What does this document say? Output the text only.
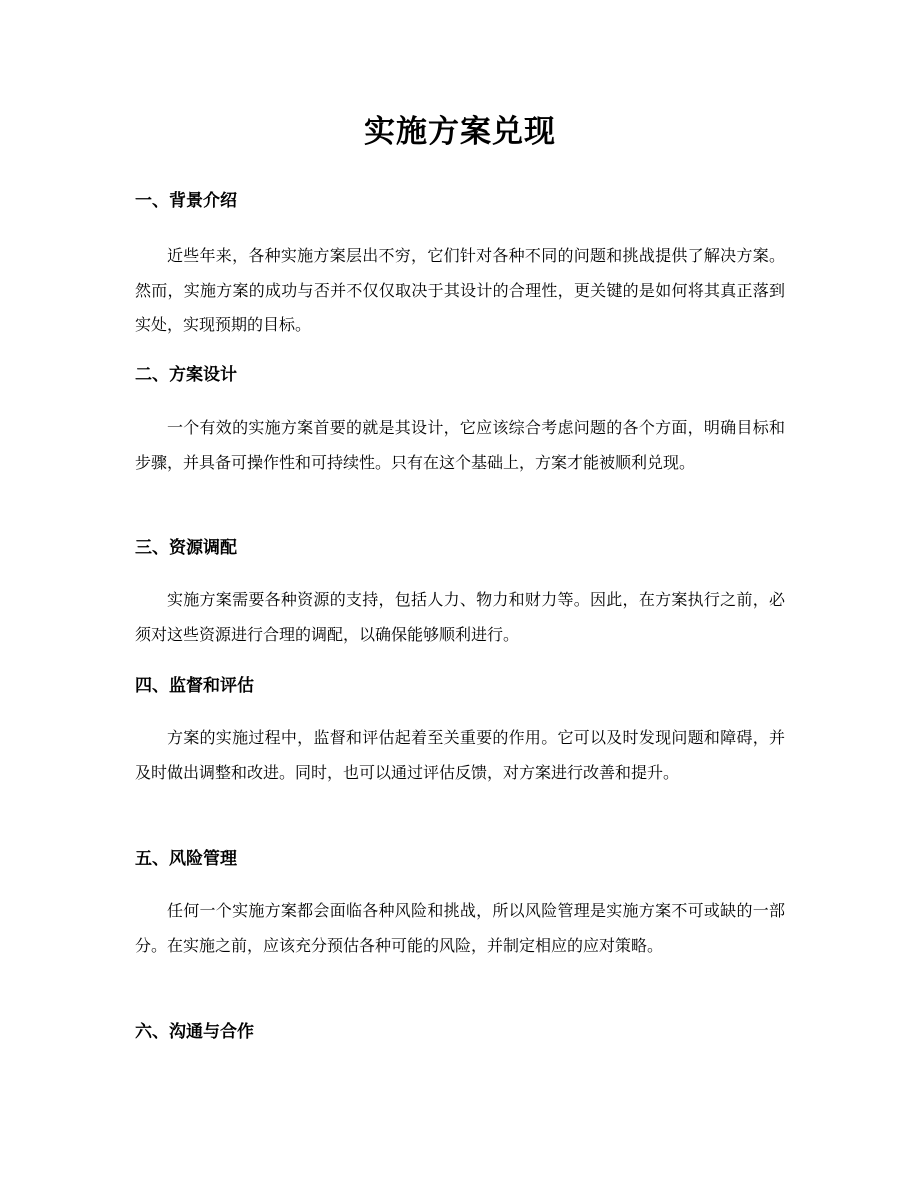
实施方案兑现
一、背景介绍

近些年来，各种实施方案层出不穷，它们针对各种不同的问题和挑战提供了解决方案。然而，实施方案的成功与否并不仅仅取决于其设计的合理性，更关键的是如何将其真正落到实处，实现预期的目标。

二、方案设计

一个有效的实施方案首要的就是其设计，它应该综合考虑问题的各个方面，明确目标和步骤，并具备可操作性和可持续性。只有在这个基础上，方案才能被顺利兑现。

三、资源调配

实施方案需要各种资源的支持，包括人力、物力和财力等。因此，在方案执行之前，必须对这些资源进行合理的调配，以确保能够顺利进行。

四、监督和评估

方案的实施过程中，监督和评估起着至关重要的作用。它可以及时发现问题和障碍，并及时做出调整和改进。同时，也可以通过评估反馈，对方案进行改善和提升。

五、风险管理

任何一个实施方案都会面临各种风险和挑战，所以风险管理是实施方案不可或缺的一部分。在实施之前，应该充分预估各种可能的风险，并制定相应的应对策略。

六、沟通与合作
